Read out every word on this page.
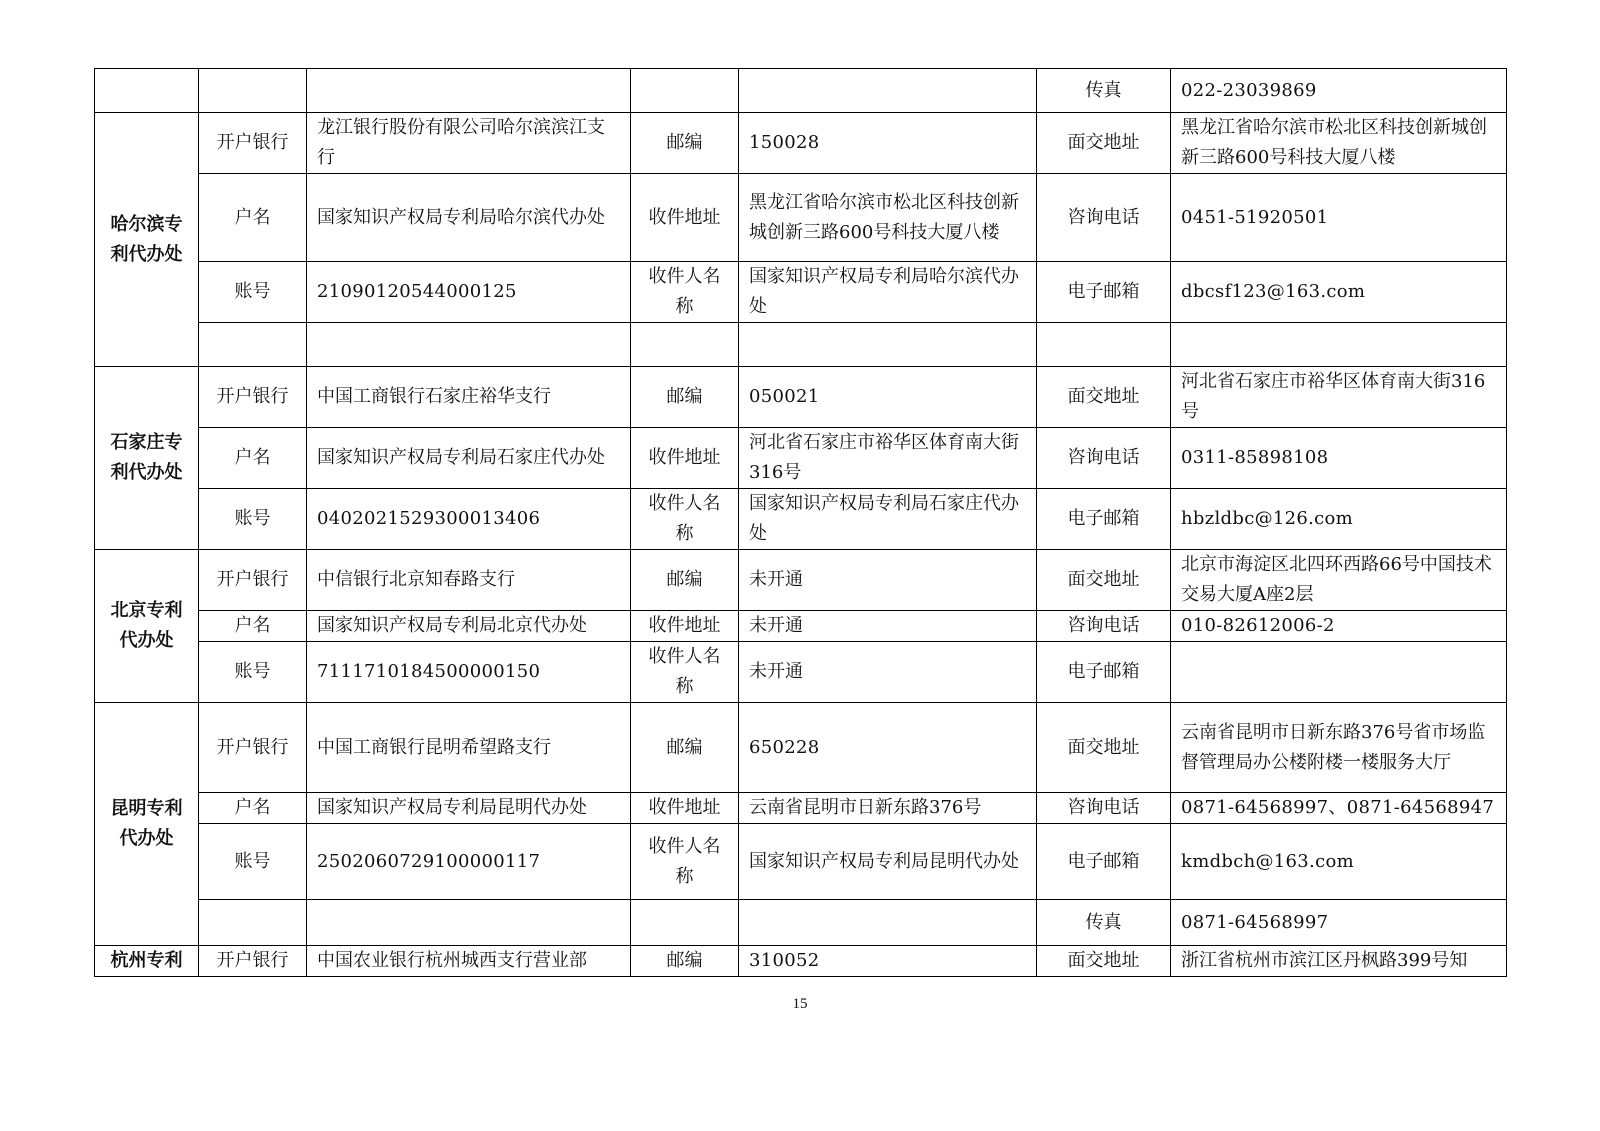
					传真	022-23039869
哈尔滨专利代办处	开户银行	龙江银行股份有限公司哈尔滨滨江支行	邮编	150028	面交地址	黑龙江省哈尔滨市松北区科技创新城创新三路600号科技大厦八楼
	户名	国家知识产权局专利局哈尔滨代办处	收件地址	黑龙江省哈尔滨市松北区科技创新城创新三路600号科技大厦八楼	咨询电话	0451-51920501
	账号	21090120544000125	收件人名称	国家知识产权局专利局哈尔滨代办处	电子邮箱	dbcsf123@163.com

石家庄专利代办处	开户银行	中国工商银行石家庄裕华支行	邮编	050021	面交地址	河北省石家庄市裕华区体育南大街316号
	户名	国家知识产权局专利局石家庄代办处	收件地址	河北省石家庄市裕华区体育南大街316号	咨询电话	0311-85898108
	账号	0402021529300013406	收件人名称	国家知识产权局专利局石家庄代办处	电子邮箱	hbzldbc@126.com
北京专利代办处	开户银行	中信银行北京知春路支行	邮编	未开通	面交地址	北京市海淀区北四环西路66号中国技术交易大厦A座2层
	户名	国家知识产权局专利局北京代办处	收件地址	未开通	咨询电话	010-82612006-2
	账号	7111710184500000150	收件人名称	未开通	电子邮箱	
昆明专利代办处	开户银行	中国工商银行昆明希望路支行	邮编	650228	面交地址	云南省昆明市日新东路376号省市场监督管理局办公楼附楼一楼服务大厅
	户名	国家知识产权局专利局昆明代办处	收件地址	云南省昆明市日新东路376号	咨询电话	0871-64568997、0871-64568947
	账号	2502060729100000117	收件人名称	国家知识产权局专利局昆明代办处	电子邮箱	kmdbch@163.com
					传真	0871-64568997
杭州专利	开户银行	中国农业银行杭州城西支行营业部	邮编	310052	面交地址	浙江省杭州市滨江区丹枫路399号知
15
